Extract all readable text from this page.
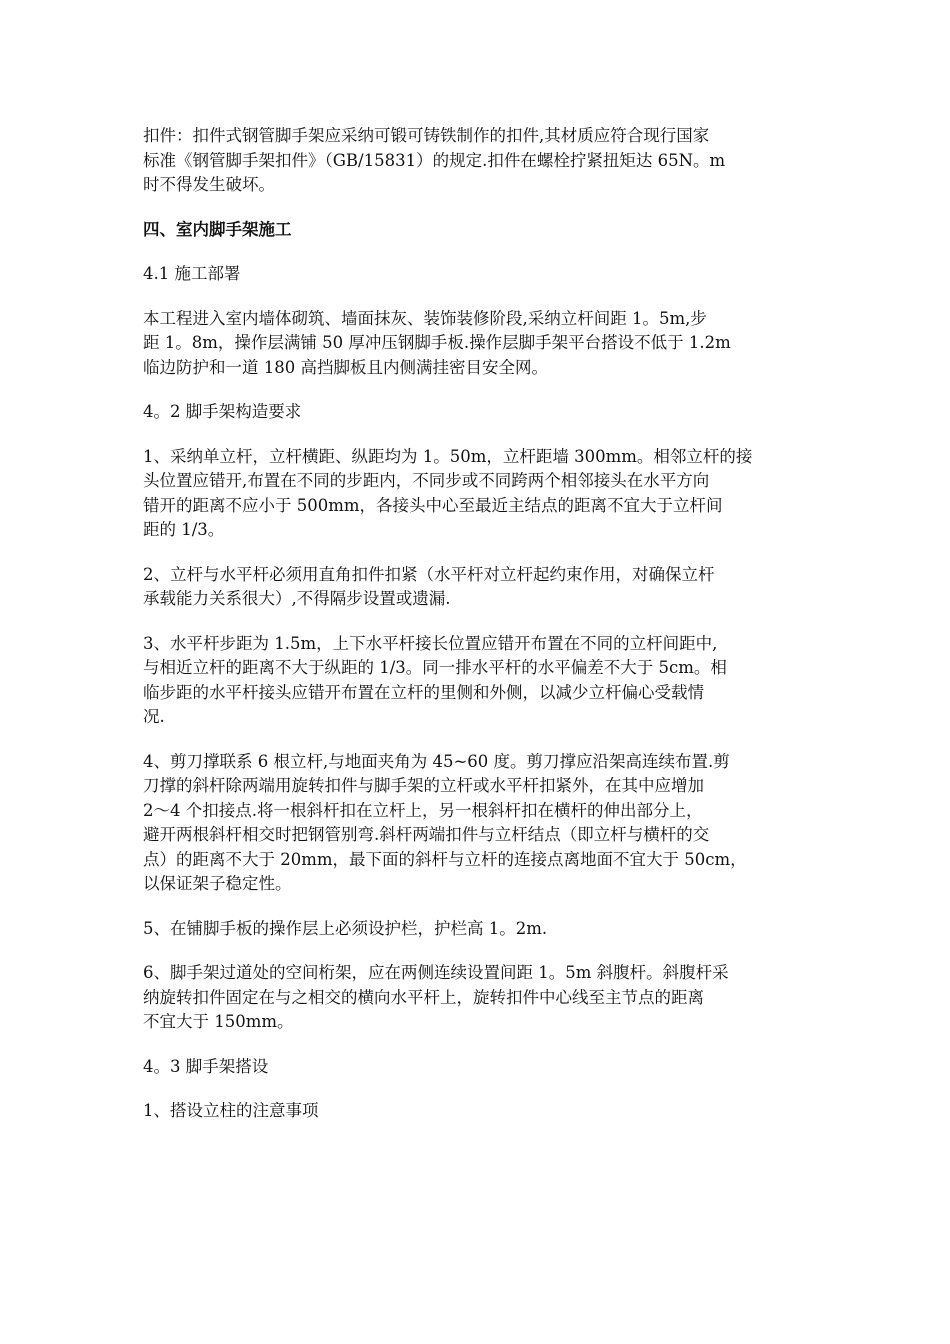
扣件：扣件式钢管脚手架应采纳可锻可铸铁制作的扣件,其材质应符合现行国家
标准《钢管脚手架扣件》（GB/15831）的规定.扣件在螺栓拧紧扭矩达 65N。m
时不得发生破坏。
四、室内脚手架施工
4.1 施工部署
本工程进入室内墙体砌筑、墙面抹灰、装饰装修阶段,采纳立杆间距 1。5m,步
距 1。8m，操作层满铺 50 厚冲压钢脚手板.操作层脚手架平台搭设不低于 1.2m
临边防护和一道 180 高挡脚板且内侧满挂密目安全网。
4。2 脚手架构造要求
1、采纳单立杆，立杆横距、纵距均为 1。50m，立杆距墙 300mm。相邻立杆的接
头位置应错开,布置在不同的步距内，不同步或不同跨两个相邻接头在水平方向
错开的距离不应小于 500mm，各接头中心至最近主结点的距离不宜大于立杆间
距的 1/3。
2、立杆与水平杆必须用直角扣件扣紧（水平杆对立杆起约束作用，对确保立杆
承载能力关系很大）,不得隔步设置或遗漏.
3、水平杆步距为 1.5m，上下水平杆接长位置应错开布置在不同的立杆间距中,
与相近立杆的距离不大于纵距的 1/3。同一排水平杆的水平偏差不大于 5cm。相
临步距的水平杆接头应错开布置在立杆的里侧和外侧，以减少立杆偏心受载情
况.
4、剪刀撑联系 6 根立杆,与地面夹角为 45~60 度。剪刀撑应沿架高连续布置.剪
刀撑的斜杆除两端用旋转扣件与脚手架的立杆或水平杆扣紧外，在其中应增加
2～4 个扣接点.将一根斜杆扣在立杆上，另一根斜杆扣在横杆的伸出部分上，
避开两根斜杆相交时把钢管别弯.斜杆两端扣件与立杆结点（即立杆与横杆的交
点）的距离不大于 20mm，最下面的斜杆与立杆的连接点离地面不宜大于 50cm，
以保证架子稳定性。
5、在铺脚手板的操作层上必须设护栏，护栏高 1。2m.
6、脚手架过道处的空间桁架，应在两侧连续设置间距 1。5m 斜腹杆。斜腹杆采
纳旋转扣件固定在与之相交的横向水平杆上，旋转扣件中心线至主节点的距离
不宜大于 150mm。
4。3 脚手架搭设
1、搭设立柱的注意事项
